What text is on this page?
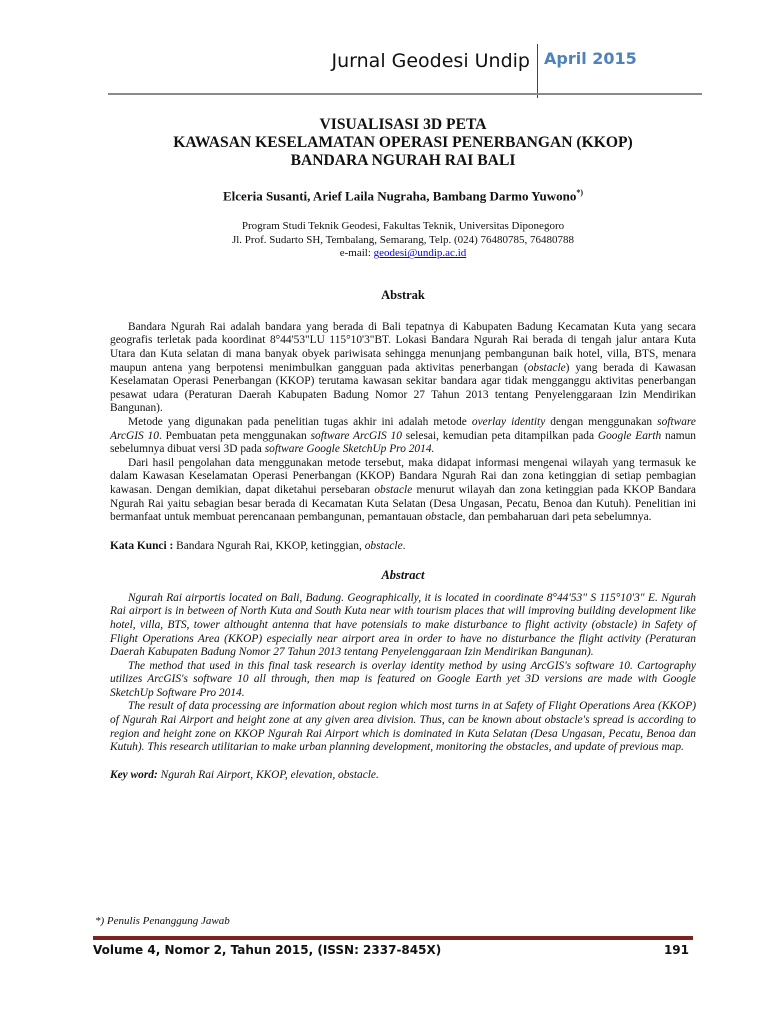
Jurnal Geodesi Undip April 2015

VISUALISASI 3D PETA

KAWASAN KESELAMATAN OPERASI PENERBANGAN (KKOP)

BANDARA NGURAH RAI BALI

Elceria Susanti, Arief Laila Nugraha, Bambang Darmo Yuwono*)

Program Studi Teknik Geodesi, Fakultas Teknik, Universitas Diponegoro
Jl. Prof. Sudarto SH, Tembalang, Semarang, Telp. (024) 76480785, 76480788
e-mail: geodesi@undip.ac.id
Abstrak

Bandara Ngurah Rai adalah bandara yang berada di Bali tepatnya di Kabupaten Badung Kecamatan Kuta yang secara geografis terletak pada koordinat 8°44'53"LU 115°10'3"BT. Lokasi Bandara Ngurah Rai berada di tengah jalur antara Kuta Utara dan Kuta selatan di mana banyak obyek pariwisata sehingga menunjang pembangunan baik hotel, villa, BTS, menara maupun antena yang berpotensi menimbulkan gangguan pada aktivitas penerbangan (obstacle) yang berada di Kawasan Keselamatan Operasi Penerbangan (KKOP) terutama kawasan sekitar bandara agar tidak mengganggu aktivitas penerbangan pesawat udara (Peraturan Daerah Kabupaten Badung Nomor 27 Tahun 2013 tentang Penyelenggaraan Izin Mendirikan Bangunan).

Metode yang digunakan pada penelitian tugas akhir ini adalah metode overlay identity dengan menggunakan software ArcGIS 10. Pembuatan peta menggunakan software ArcGIS 10 selesai, kemudian peta ditampilkan pada Google Earth namun sebelumnya dibuat versi 3D pada software Google SketchUp Pro 2014.

Dari hasil pengolahan data menggunakan metode tersebut, maka didapat informasi mengenai wilayah yang termasuk ke dalam Kawasan Keselamatan Operasi Penerbangan (KKOP) Bandara Ngurah Rai dan zona ketinggian di setiap pembagian kawasan. Dengan demikian, dapat diketahui persebaran obstacle menurut wilayah dan zona ketinggian pada KKOP Bandara Ngurah Rai yaitu sebagian besar berada di Kecamatan Kuta Selatan (Desa Ungasan, Pecatu, Benoa dan Kutuh). Penelitian ini bermanfaat untuk membuat perencanaan pembangunan, pemantauan obstacle, dan pembaharuan dari peta sebelumnya.

Kata Kunci : Bandara Ngurah Rai, KKOP, ketinggian, obstacle.

Abstract

Ngurah Rai airportis located on Bali, Badung. Geographically, it is located in coordinate 8°44'53" S 115°10'3" E. Ngurah Rai airport is in between of North Kuta and South Kuta near with tourism places that will improving building development like hotel, villa, BTS, tower althought antenna that have potensials to make disturbance to flight activity (obstacle) in Safety of Flight Operations Area (KKOP) especially near airport area in order to have no disturbance the flight activity (Peraturan Daerah Kabupaten Badung Nomor 27 Tahun 2013 tentang Penyelenggaraan Izin Mendirikan Bangunan).

The method that used in this final task research is overlay identity method by using ArcGIS's software 10. Cartography utilizes ArcGIS's software 10 all through, then map is featured on Google Earth yet 3D versions are made with Google SketchUp Software Pro 2014.

The result of data processing are information about region which most turns in at Safety of Flight Operations Area (KKOP) of Ngurah Rai Airport and height zone at any given area division. Thus, can be known about obstacle's spread is according to region and height zone on KKOP Ngurah Rai Airport which is dominated in Kuta Selatan (Desa Ungasan, Pecatu, Benoa dan Kutuh). This research utilitarian to make urban planning development, monitoring the obstacles, and update of previous map.

Key word: Ngurah Rai Airport, KKOP, elevation, obstacle.

*) Penulis Penanggung Jawab
Volume 4, Nomor 2, Tahun 2015, (ISSN: 2337-845X)	191
